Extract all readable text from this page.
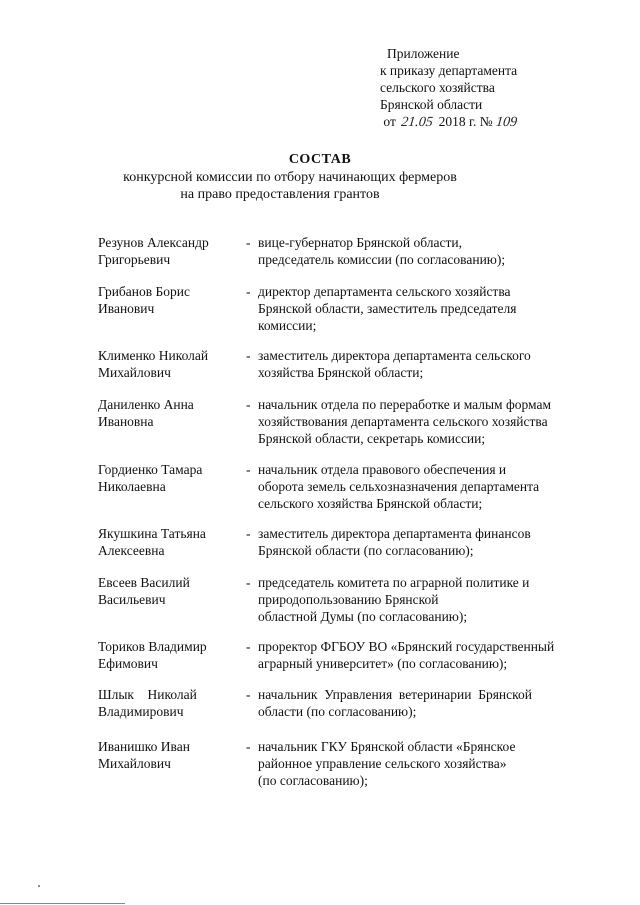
Приложение
к приказу департамента
сельского хозяйства
Брянской области
от 21.05 2018 г. № 109
СОСТАВ
конкурсной комиссии по отбору начинающих фермеров
на право предоставления грантов
Резунов Александр
Григорьевич
- вице-губернатор Брянской области,
председатель комиссии (по согласованию);
Грибанов Борис
Иванович
- директор департамента сельского хозяйства
Брянской области, заместитель председателя
комиссии;
Клименко Николай
Михайлович
- заместитель директора департамента сельского
хозяйства Брянской области;
Даниленко Анна
Ивановна
- начальник отдела по переработке и малым формам
хозяйствования департамента сельского хозяйства
Брянской области, секретарь комиссии;
Гордиенко Тамара
Николаевна
- начальник отдела правового обеспечения и
оборота земель сельхозназначения департамента
сельского хозяйства Брянской области;
Якушкина Татьяна
Алексеевна
- заместитель директора департамента финансов
Брянской области (по согласованию);
Евсеев Василий
Васильевич
- председатель комитета по аграрной политике и
природопользованию Брянской
областной Думы (по согласованию);
Ториков Владимир
Ефимович
- проректор ФГБОУ ВО «Брянский государственный
аграрный университет» (по согласованию);
Шлык    Николай
Владимирович
- начальник  Управления  ветеринарии  Брянской
области (по согласованию);
Иванишко Иван
Михайлович
- начальник ГКУ Брянской области «Брянское
районное управление сельского хозяйства»
(по согласованию);
